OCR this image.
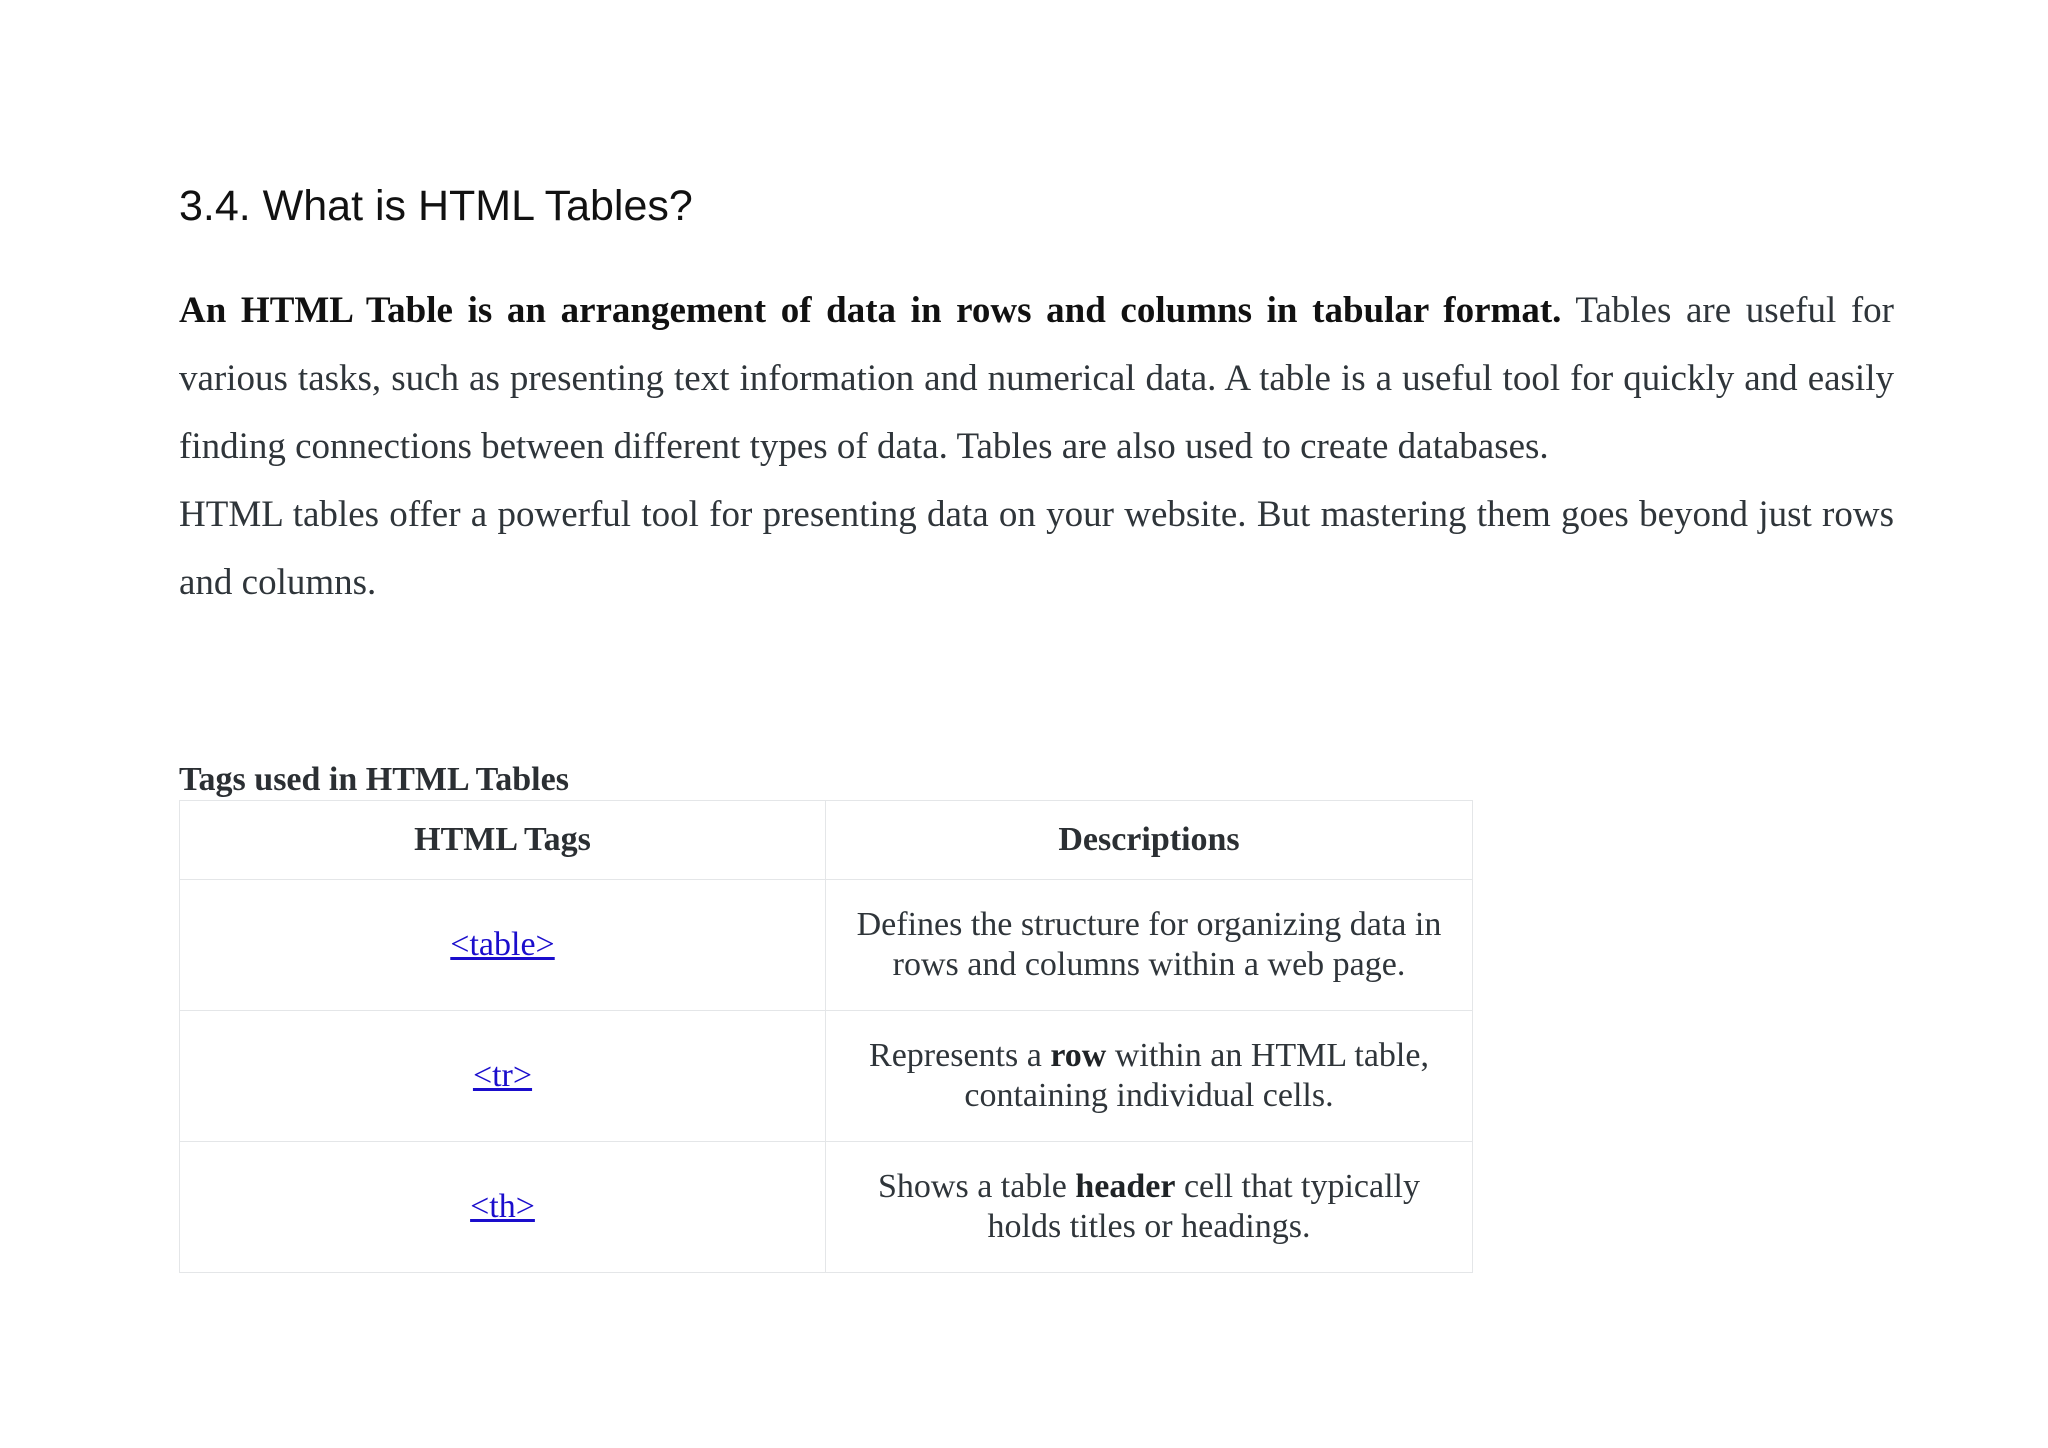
3.4. What is HTML Tables?

An HTML Table is an arrangement of data in rows and columns in tabular format. Tables are useful for various tasks, such as presenting text information and numerical data. A table is a useful tool for quickly and easily finding connections between different types of data. Tables are also used to create databases.

HTML tables offer a powerful tool for presenting data on your website. But mastering them goes beyond just rows and columns.

Tags used in HTML Tables
HTML Tags	Descriptions
<table>	Defines the structure for organizing data in rows and columns within a web page.
<tr>	Represents a row within an HTML table, containing individual cells.
<th>	Shows a table header cell that typically holds titles or headings.
